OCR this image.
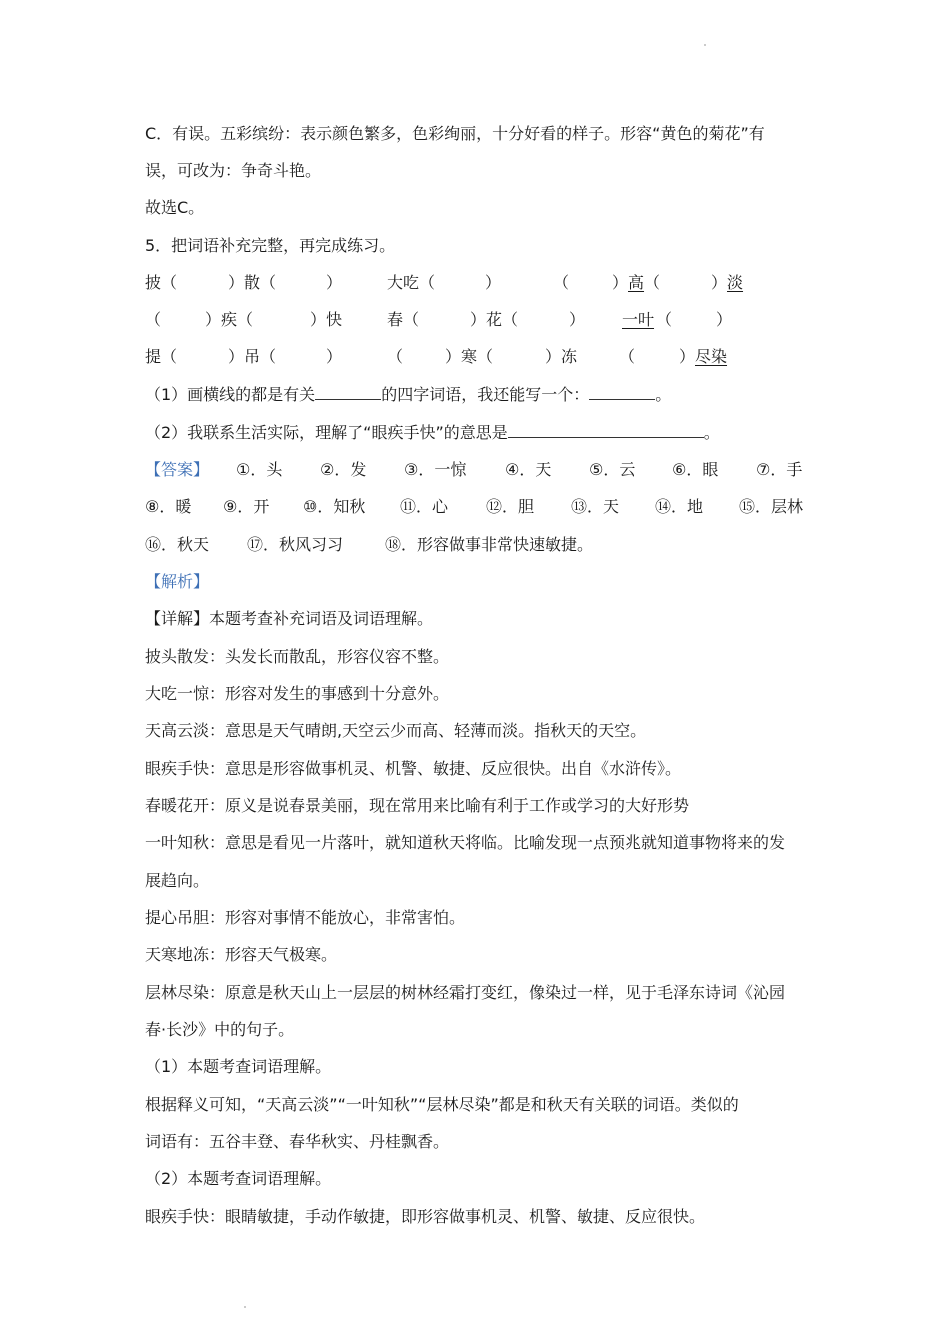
C．有误。五彩缤纷：表示颜色繁多，色彩绚丽，十分好看的样子。形容“黄色的菊花”有
误，可改为：争奇斗艳。
故选C。
5．把词语补充完整，再完成练习。
披（	）散（	）	大吃（	）	（	）高（	）淡
（	）疾（	）快	春（	）花（	） 一叶 （	）
提（	）吊（	）	（	）寒（	）冻	（	）尽染
（1）画横线的都是有关	的四字词语，我还能写一个：	。
（2）我联系生活实际，理解了“眼疾手快”的意思是	。
【答案】 ①．头 ②．发 ③．一惊 ④．天 ⑤．云 ⑥．眼 ⑦．手
⑧．暖 ⑨．开 ⑩．知秋 ⑪．心 ⑫．胆 ⑬．天 ⑭．地 ⑮．层林
⑯．秋天 ⑰．秋风习习	⑱．形容做事非常快速敏捷。
【解析】
【详解】本题考查补充词语及词语理解。
披头散发：头发长而散乱，形容仪容不整。
大吃一惊：形容对发生的事感到十分意外。
天高云淡：意思是天气晴朗,天空云少而高、轻薄而淡。指秋天的天空。
眼疾手快：意思是形容做事机灵、机警、敏捷、反应很快。出自《水浒传》。
春暖花开：原义是说春景美丽，现在常用来比喻有利于工作或学习的大好形势
一叶知秋：意思是看见一片落叶，就知道秋天将临。比喻发现一点预兆就知道事物将来的发
展趋向。
提心吊胆：形容对事情不能放心，非常害怕。
天寒地冻：形容天气极寒。
层林尽染：原意是秋天山上一层层的树林经霜打变红，像染过一样，见于毛泽东诗词《沁园
春·长沙》中的句子。
（1）本题考查词语理解。
根据释义可知，“天高云淡”“一叶知秋”“层林尽染”都是和秋天有关联的词语。类似的
词语有：五谷丰登、春华秋实、丹桂飘香。
（2）本题考查词语理解。
眼疾手快：眼睛敏捷，手动作敏捷，即形容做事机灵、机警、敏捷、反应很快。
